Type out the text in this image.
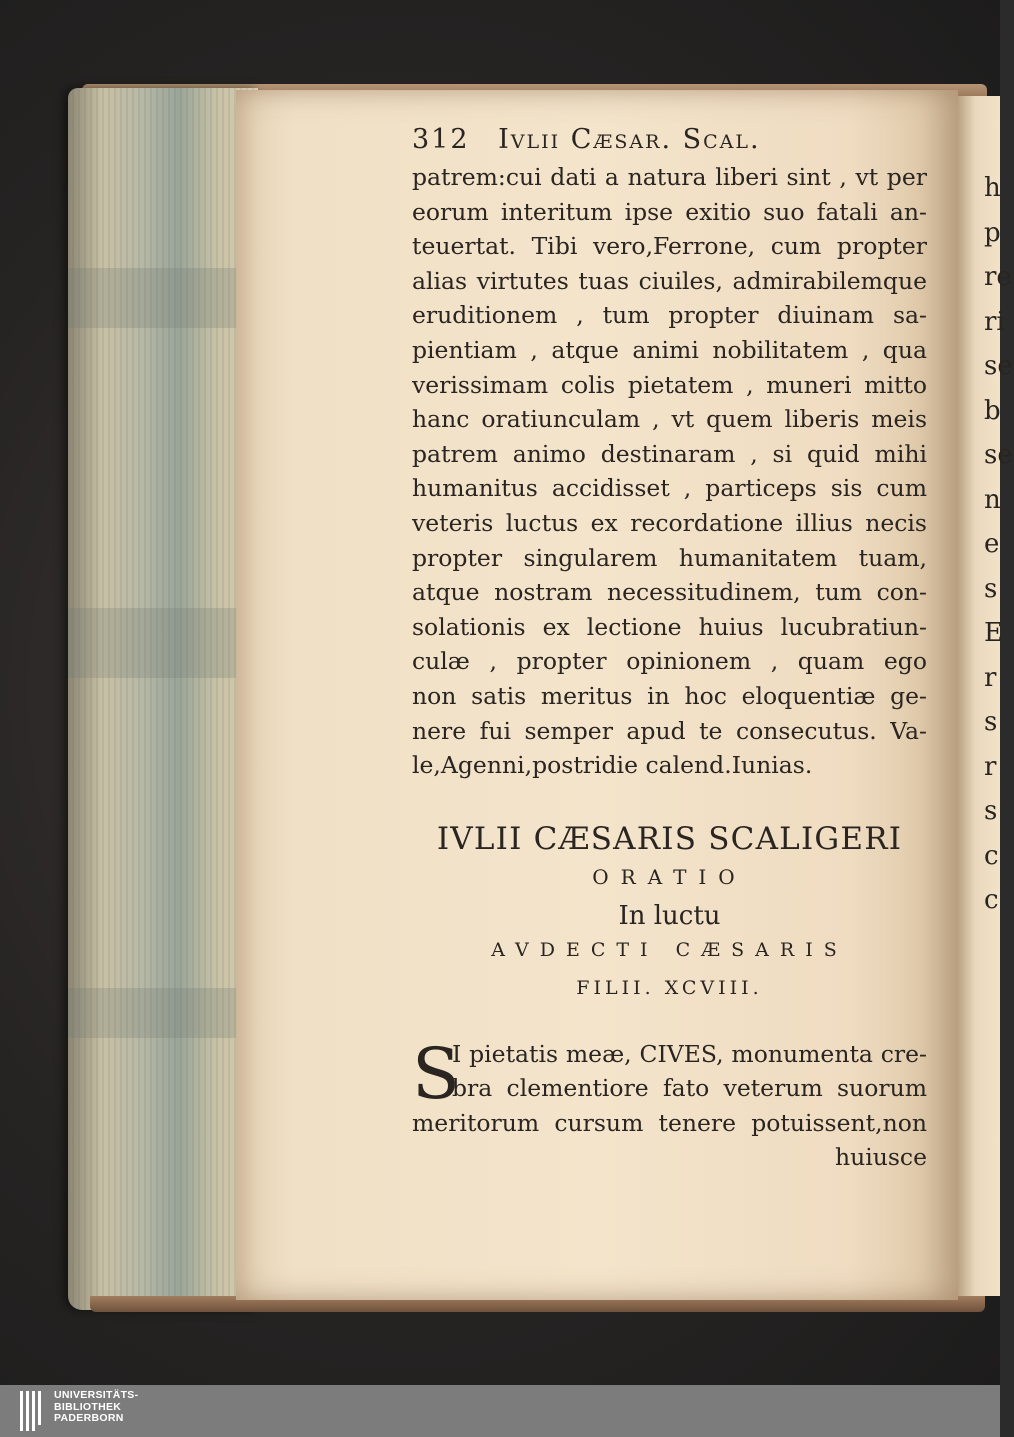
h
p
re
ri
se
b
se
n
e
s
E
r
s
r
s
c
c
312 Ivlii Cæsar. Scal.
patrem:cui dati a natura liberi sint , vt per
eorum interitum ipse exitio suo fatali an-
teuertat. Tibi vero,Ferrone, cum propter
alias virtutes tuas ciuiles, admirabilemque
eruditionem , tum propter diuinam sa-
pientiam , atque animi nobilitatem , qua
verissimam colis pietatem , muneri mitto
hanc oratiunculam , vt quem liberis meis
patrem animo destinaram , si quid mihi
humanitus accidisset , particeps sis cum
veteris luctus ex recordatione illius necis
propter singularem humanitatem tuam,
atque nostram necessitudinem, tum con-
solationis ex lectione huius lucubratiun-
culæ , propter opinionem , quam ego
non satis meritus in hoc eloquentiæ ge-
nere fui semper apud te consecutus. Va-
le,Agenni,postridie calend.Iunias.
IVLII CÆSARIS SCALIGERI
ORATIO
In luctu
AVDECTI CÆSARIS
FILII. XCVIII.
S
I pietatis meæ, CIVES, monumenta cre-
bra clementiore fato veterum suorum
meritorum cursum tenere potuissent,non
huiusce
UNIVERSITÄTS-
BIBLIOTHEK
PADERBORN
